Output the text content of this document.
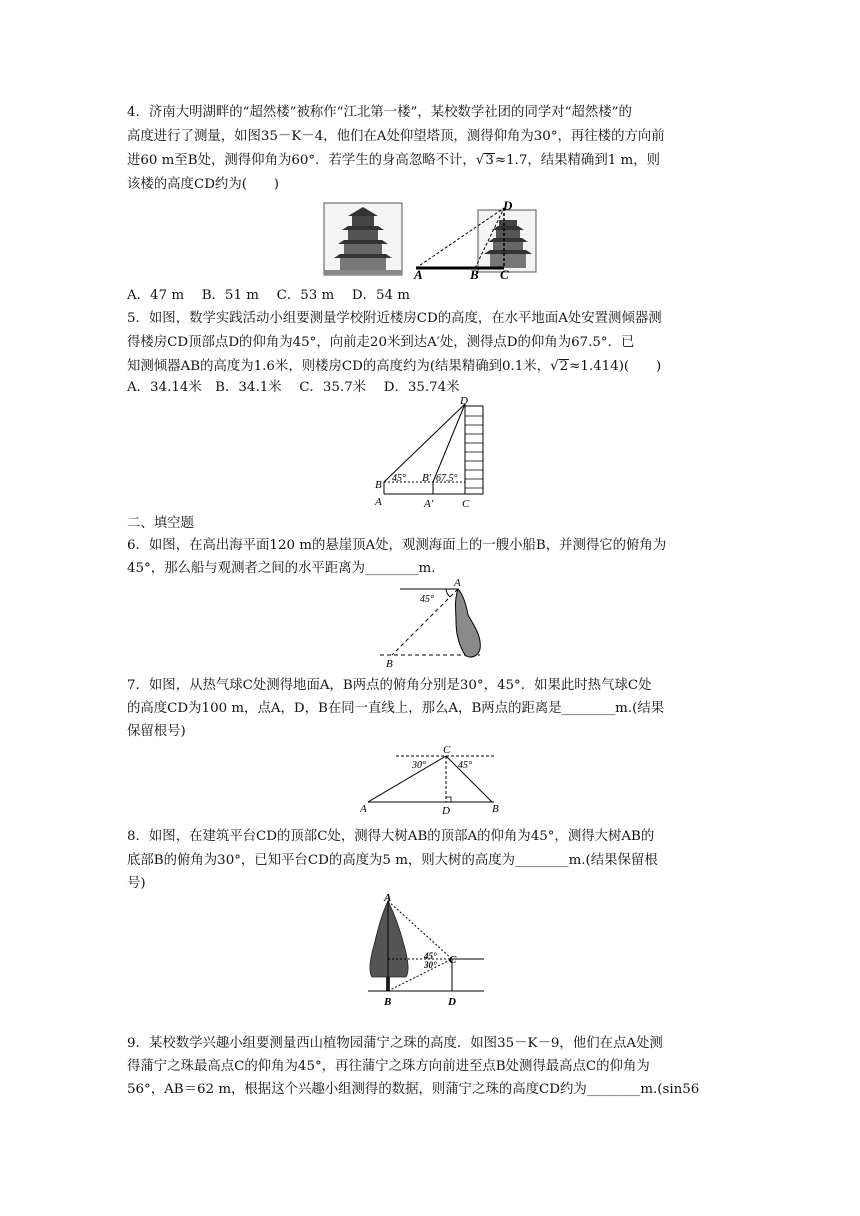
4．济南大明湖畔的“超然楼”被称作“江北第一楼”，某校数学社团的同学对“超然楼”的
高度进行了测量，如图35－K－4，他们在A处仰望塔顶，测得仰角为30°，再往楼的方向前
进60 m至B处，测得仰角为60°．若学生的身高忽略不计，√3≈1.7，结果精确到1 m，则
该楼的高度CD约为(　　)
A	B C
D
A．47 m　 B．51 m　 C．53 m　 D．54 m
5．如图，数学实践活动小组要测量学校附近楼房CD的高度，在水平地面A处安置测倾器测
得楼房CD顶部点D的仰角为45°，向前走20米到达A′处，测得点D的仰角为67.5°．已
知测倾器AB的高度为1.6米，则楼房CD的高度约为(结果精确到0.1米，√2≈1.414)(　　)
A．34.14米　B．34.1米　 C．35.7米　 D．35.74米
D
B
A
B′
A′	C
45°	67.5°
二、填空题
6．如图，在高出海平面120 m的悬崖顶A处，观测海面上的一艘小船B，并测得它的俯角为
45°，那么船与观测者之间的水平距离为________m.
A
B
45°
7．如图，从热气球C处测得地面A，B两点的俯角分别是30°，45°．如果此时热气球C处
的高度CD为100 m，点A，D，B在同一直线上，那么A，B两点的距离是________m.(结果
保留根号)
C
A	D	B
30°	45°
8．如图，在建筑平台CD的顶部C处，测得大树AB的顶部A的仰角为45°，测得大树AB的
底部B的俯角为30°，已知平台CD的高度为5 m，则大树的高度为________m.(结果保留根
号)
A
B
C
D
45°
30°
9．某校数学兴趣小组要测量西山植物园蒲宁之珠的高度．如图35－K－9，他们在点A处测
得蒲宁之珠最高点C的仰角为45°，再往蒲宁之珠方向前进至点B处测得最高点C的仰角为
56°，AB＝62 m，根据这个兴趣小组测得的数据，则蒲宁之珠的高度CD约为________m.(sin56
